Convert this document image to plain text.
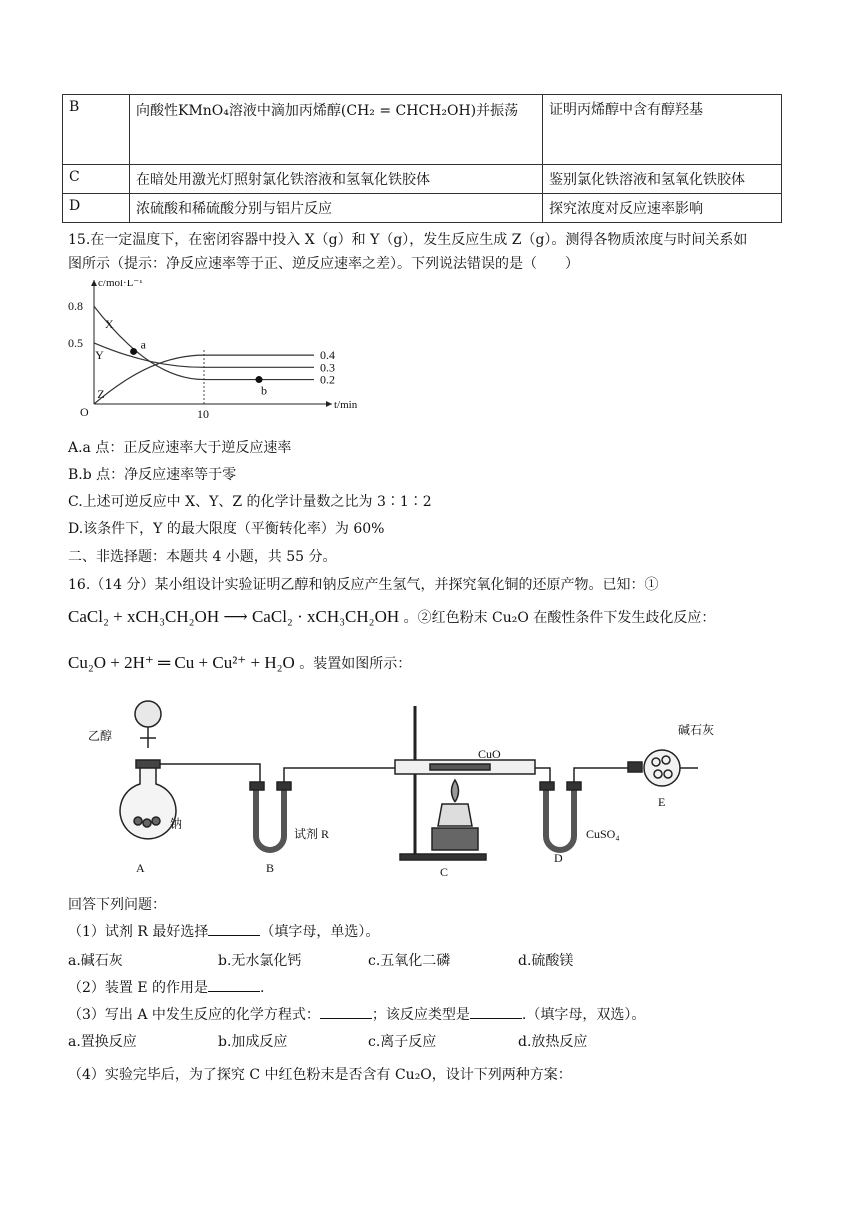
B	向酸性KMnO₄溶液中滴加丙烯醇(CH₂ = CHCH₂OH)并振荡	证明丙烯醇中含有醇羟基
C	在暗处用激光灯照射氯化铁溶液和氢氧化铁胶体	鉴别氯化铁溶液和氢氧化铁胶体
D	浓硫酸和稀硫酸分别与铝片反应	探究浓度对反应速率影响
15.在一定温度下，在密闭容器中投入 X（g）和 Y（g），发生反应生成 Z（g）。测得各物质浓度与时间关系如
图所示（提示：净反应速率等于正、逆反应速率之差）。下列说法错误的是（　　）
c/mol·L⁻¹
t/min
O
0.8
0.5
10
0.2
0.3
0.4
X
Y
Z
a
b
A.a 点：正反应速率大于逆反应速率
B.b 点：净反应速率等于零
C.上述可逆反应中 X、Y、Z 的化学计量数之比为 3∶1∶2
D.该条件下，Y 的最大限度（平衡转化率）为 60%
二、非选择题：本题共 4 小题，共 55 分。
16.（14 分）某小组设计实验证明乙醇和钠反应产生氢气，并探究氧化铜的还原产物。已知：①
CaCl₂ + xCH₃CH₂OH ⟶ CaCl₂ · xCH₃CH₂OH 。②红色粉末 Cu₂O 在酸性条件下发生歧化反应：
Cu₂O + 2H⁺ ═ Cu + Cu²⁺ + H₂O 。装置如图所示：
乙醇
钠
试剂 R
CuO
碱石灰
CuSO₄
A	B	C
D
E
回答下列问题：
（1）试剂 R 最好选择	（填字母，单选）。
a.碱石灰	b.无水氯化钙	c.五氧化二磷	d.硫酸镁
（2）装置 E 的作用是	.
（3）写出 A 中发生反应的化学方程式：	；该反应类型是	.（填字母，双选）。
a.置换反应	b.加成反应	c.离子反应	d.放热反应
（4）实验完毕后，为了探究 C 中红色粉末是否含有 Cu₂O，设计下列两种方案：
